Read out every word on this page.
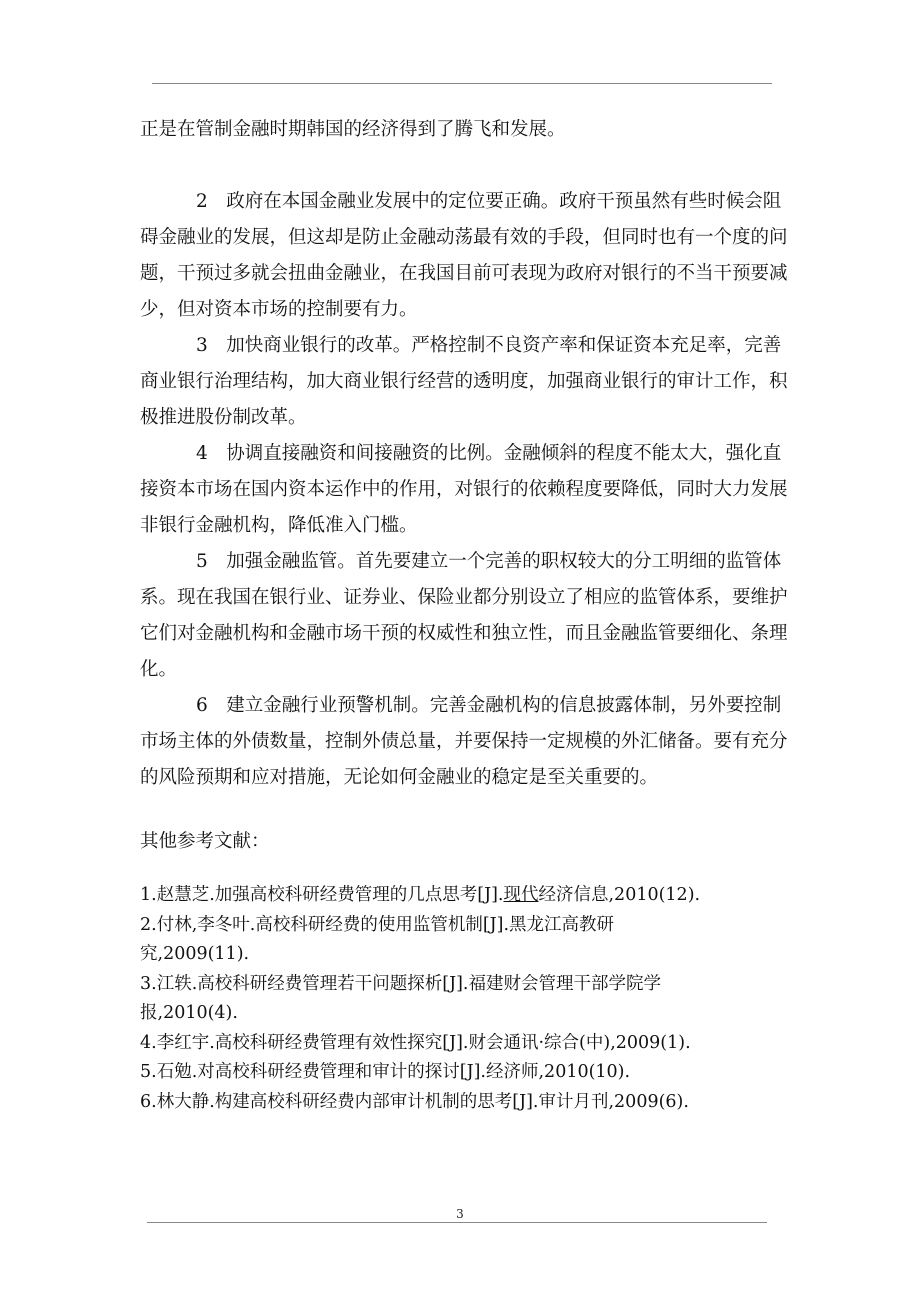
正是在管制金融时期韩国的经济得到了腾飞和发展。
2　政府在本国金融业发展中的定位要正确。政府干预虽然有些时候会阻
碍金融业的发展，但这却是防止金融动荡最有效的手段，但同时也有一个度的问
题，干预过多就会扭曲金融业，在我国目前可表现为政府对银行的不当干预要减
少，但对资本市场的控制要有力。
3　加快商业银行的改革。严格控制不良资产率和保证资本充足率，完善
商业银行治理结构，加大商业银行经营的透明度，加强商业银行的审计工作，积
极推进股份制改革。
4　协调直接融资和间接融资的比例。金融倾斜的程度不能太大，强化直
接资本市场在国内资本运作中的作用，对银行的依赖程度要降低，同时大力发展
非银行金融机构，降低准入门槛。
5　加强金融监管。首先要建立一个完善的职权较大的分工明细的监管体
系。现在我国在银行业、证券业、保险业都分别设立了相应的监管体系，要维护
它们对金融机构和金融市场干预的权威性和独立性，而且金融监管要细化、条理
化。
6　建立金融行业预警机制。完善金融机构的信息披露体制，另外要控制
市场主体的外债数量，控制外债总量，并要保持一定规模的外汇储备。要有充分
的风险预期和应对措施，无论如何金融业的稳定是至关重要的。
其他参考文献：
1.赵慧芝.加强高校科研经费管理的几点思考[J].现代经济信息,2010(12).
2.付林,李冬叶.高校科研经费的使用监管机制[J].黑龙江高教研
究,2009(11).
3.江轶.高校科研经费管理若干问题探析[J].福建财会管理干部学院学
报,2010(4).
4.李红宇.高校科研经费管理有效性探究[J].财会通讯·综合(中),2009(1).
5.石勉.对高校科研经费管理和审计的探讨[J].经济师,2010(10).
6.林大静.构建高校科研经费内部审计机制的思考[J].审计月刊,2009(6).
3
